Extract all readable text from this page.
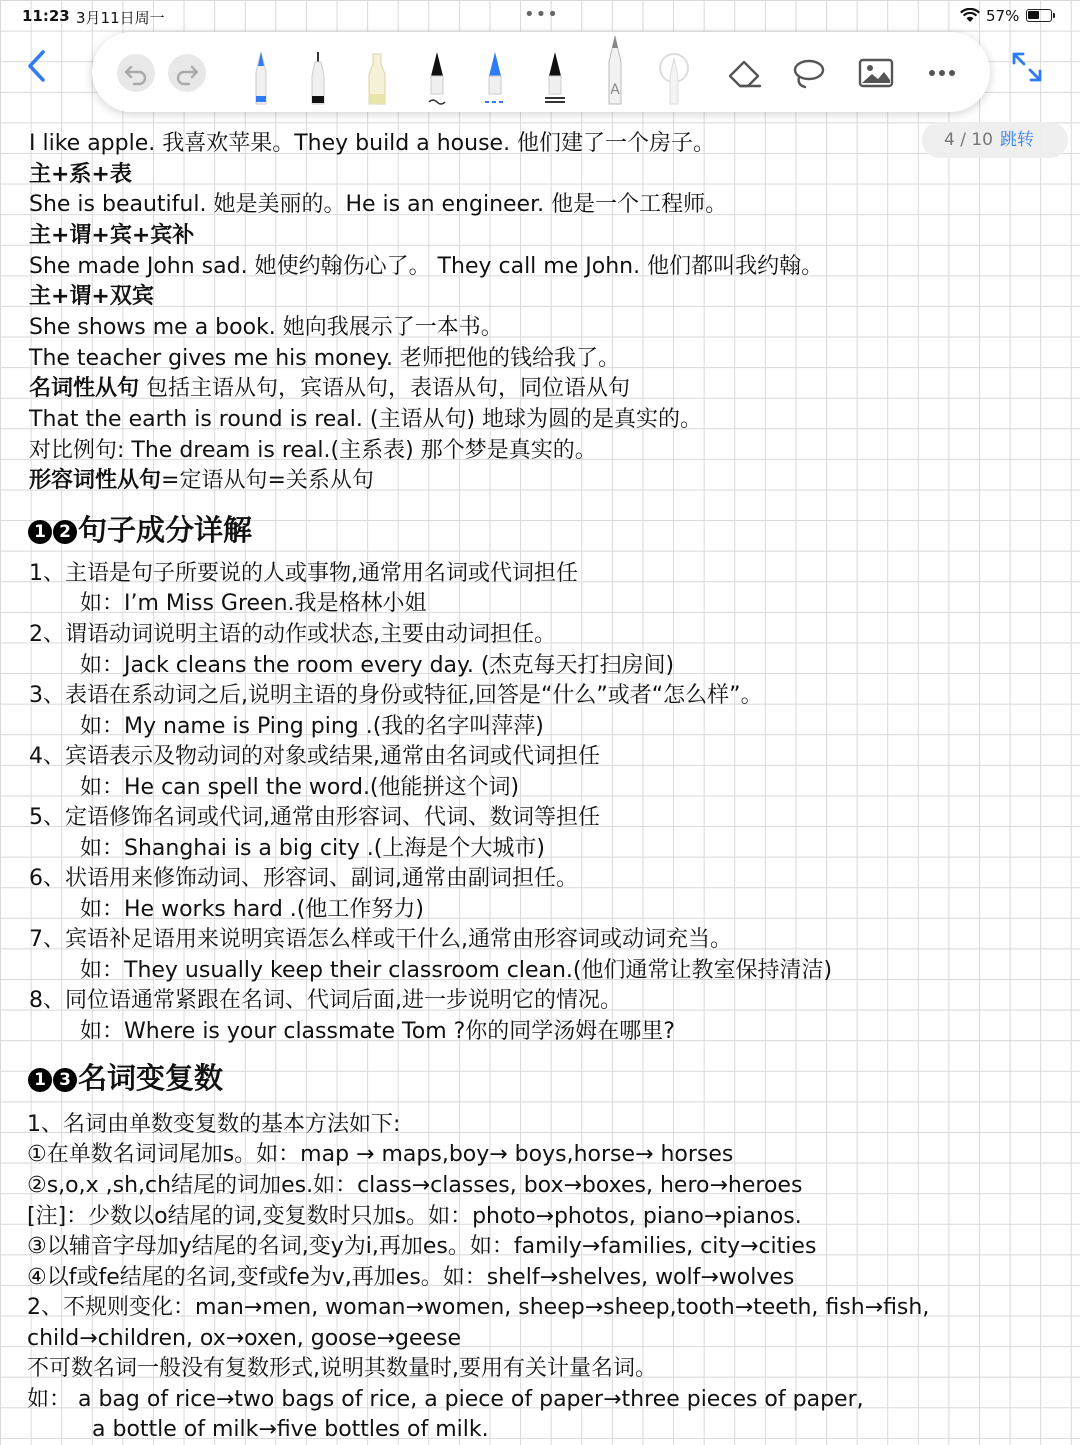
11:23 3月11日周一	•••	57%
A
4 / 10 跳转
I like apple. 我喜欢苹果。They build a house. 他们建了一个房子。
主+系+表
She is beautiful. 她是美丽的。He is an engineer. 他是一个工程师。
主+谓+宾+宾补
She made John sad. 她使约翰伤心了。 They call me John. 他们都叫我约翰。
主+谓+双宾
She shows me a book. 她向我展示了一本书。
The teacher gives me his money. 老师把他的钱给我了。
名词性从句 包括主语从句，宾语从句，表语从句，同位语从句
That the earth is round is real. (主语从句) 地球为圆的是真实的。
对比例句: The dream is real.(主系表) 那个梦是真实的。
形容词性从句=定语从句=关系从句
1 2 句子成分详解
1、主语是句子所要说的人或事物,通常用名词或代词担任
如：I’m Miss Green.我是格林小姐
2、谓语动词说明主语的动作或状态,主要由动词担任。
如：Jack cleans the room every day. (杰克每天打扫房间)
3、表语在系动词之后,说明主语的身份或特征,回答是“什么”或者“怎么样”。
如：My name is Ping ping .(我的名字叫萍萍)
4、宾语表示及物动词的对象或结果,通常由名词或代词担任
如：He can spell the word.(他能拼这个词)
5、定语修饰名词或代词,通常由形容词、代词、数词等担任
如：Shanghai is a big city .(上海是个大城市)
6、状语用来修饰动词、形容词、副词,通常由副词担任。
如：He works hard .(他工作努力)
7、宾语补足语用来说明宾语怎么样或干什么,通常由形容词或动词充当。
如：They usually keep their classroom clean.(他们通常让教室保持清洁)
8、同位语通常紧跟在名词、代词后面,进一步说明它的情况。
如：Where is your classmate Tom ?你的同学汤姆在哪里?
1 3 名词变复数
1、名词由单数变复数的基本方法如下:
①在单数名词词尾加s。如：map → maps,boy→ boys,horse→ horses
②s,o,x ,sh,ch结尾的词加es.如：class→classes, box→boxes, hero→heroes
[注]：少数以o结尾的词,变复数时只加s。如：photo→photos, piano→pianos.
③以辅音字母加y结尾的名词,变y为i,再加es。如：family→families, city→cities
④以f或fe结尾的名词,变f或fe为v,再加es。如：shelf→shelves, wolf→wolves
2、不规则变化：man→men, woman→women, sheep→sheep,tooth→teeth, fish→fish,
child→children, ox→oxen, goose→geese
不可数名词一般没有复数形式,说明其数量时,要用有关计量名词。
如： a bag of rice→two bags of rice, a piece of paper→three pieces of paper,
a bottle of milk→five bottles of milk.
